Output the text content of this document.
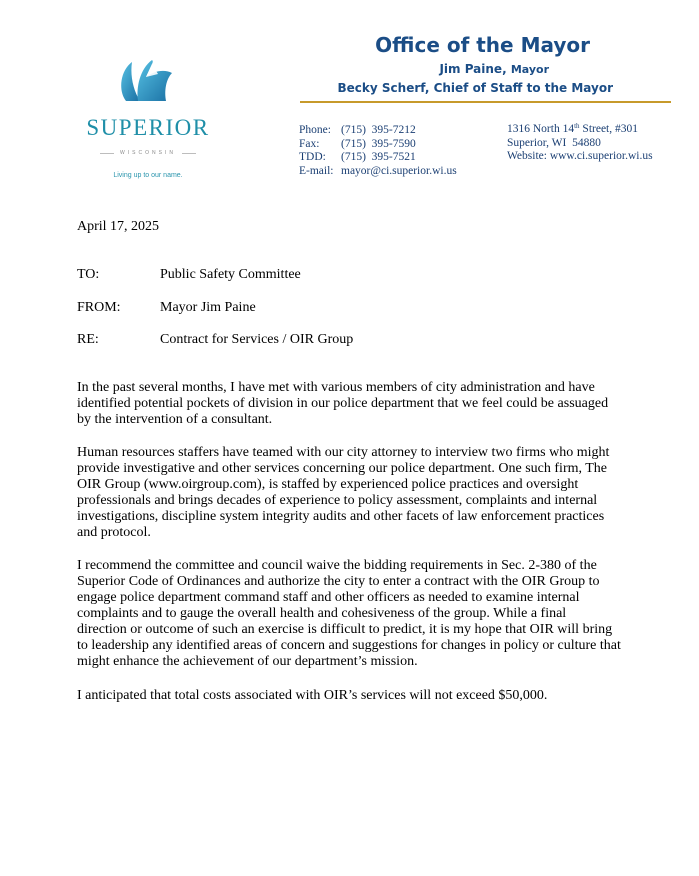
SUPERIOR
WISCONSIN
Living up to our name.
Office of the Mayor
Jim Paine, Mayor
Becky Scherf, Chief of Staff to the Mayor
Phone: (715)  395-7212
Fax:	(715)  395-7590
TDD:	(715)  395-7521
E-mail: mayor@ci.superior.wi.us
1316 North 14th Street, #301
Superior, WI  54880
Website: www.ci.superior.wi.us
April 17, 2025
TO:	Public Safety Committee
FROM:	Mayor Jim Paine
RE:	Contract for Services / OIR Group
In the past several months, I have met with various members of city administration and have
identified potential pockets of division in our police department that we feel could be assuaged
by the intervention of a consultant.
Human resources staffers have teamed with our city attorney to interview two firms who might
provide investigative and other services concerning our police department. One such firm, The
OIR Group (www.oirgroup.com), is staffed by experienced police practices and oversight
professionals and brings decades of experience to policy assessment, complaints and internal
investigations, discipline system integrity audits and other facets of law enforcement practices
and protocol.
I recommend the committee and council waive the bidding requirements in Sec. 2-380 of the
Superior Code of Ordinances and authorize the city to enter a contract with the OIR Group to
engage police department command staff and other officers as needed to examine internal
complaints and to gauge the overall health and cohesiveness of the group. While a final
direction or outcome of such an exercise is difficult to predict, it is my hope that OIR will bring
to leadership any identified areas of concern and suggestions for changes in policy or culture that
might enhance the achievement of our department’s mission.
I anticipated that total costs associated with OIR’s services will not exceed $50,000.
